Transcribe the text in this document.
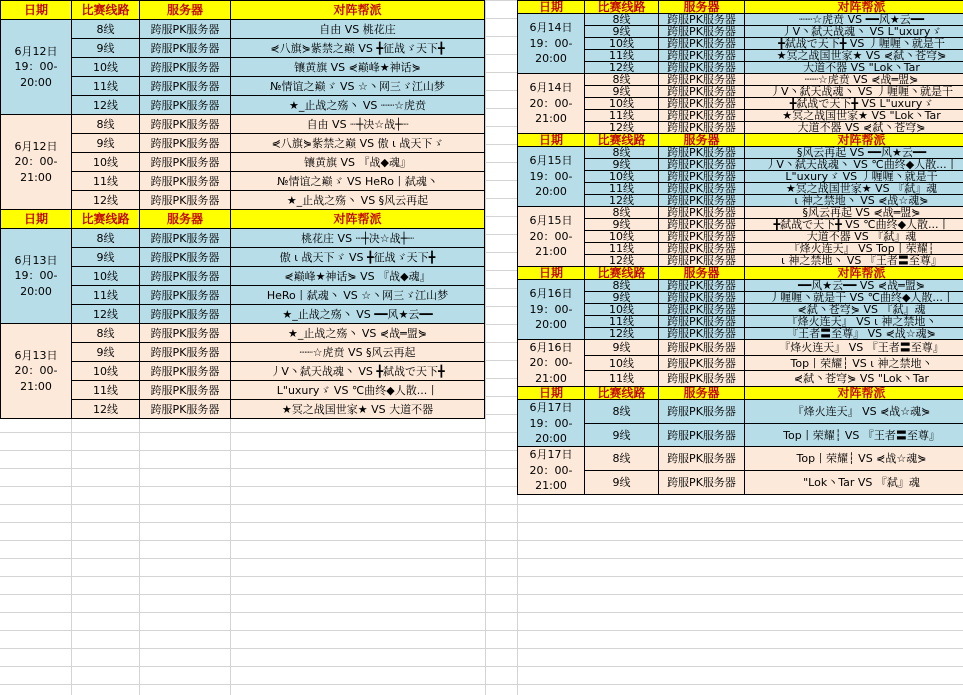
日期	比赛线路	服务器	对阵帮派
6月12日
19：00-
20:00
8线	跨服PK服务器	自由 VS 桃花庄
9线	跨服PK服务器	⋞八旗⋟紫禁之巅 VS ╋征战ゞ天下╋
10线	跨服PK服务器	镶黄旗 VS ⋞巅峰★神话⋟
11线	跨服PK服务器	№情谊之巅ゞ VS ☆丶网三ゞ江山梦
12线	跨服PK服务器	★_止战之殇丶 VS ┈┈☆虎贲
6月12日
20：00-
21:00
8线	跨服PK服务器	自由 VS ┈┼决☆战┼┈
9线	跨服PK服务器	⋞八旗⋟紫禁之巅 VS 傲 ι 战天下ゞ
10线	跨服PK服务器	镶黄旗 VS 『战◆魂』
11线	跨服PK服务器	№情谊之巅ゞ VS HeRo丨弑魂丶
12线	跨服PK服务器	★_止战之殇丶 VS §风云再起
日期	比赛线路	服务器	对阵帮派
6月13日
19：00-
20:00
8线	跨服PK服务器	桃花庄 VS ┈┼决☆战┼┈
9线	跨服PK服务器	傲 ι 战天下ゞ VS ╋征战ゞ天下╋
10线	跨服PK服务器	⋞巅峰★神话⋟ VS 『战◆魂』
11线	跨服PK服务器	HeRo丨弑魂丶 VS ☆丶网三ゞ江山梦
12线	跨服PK服务器	★_止战之殇丶 VS ━━风★云━━
6月13日
20：00-
21:00
8线	跨服PK服务器	★_止战之殇丶 VS ⋞战═盟⋟
9线	跨服PK服务器	┈┈☆虎贲 VS §风云再起
10线	跨服PK服务器	丿V丶弑天战魂丶 VS ╋弑战で天下╋
11线	跨服PK服务器	L"uxuryゞ VS ℃曲终◆人散...丨
12线	跨服PK服务器	★冥之战国世家★ VS 大道不器
日期	比赛线路	服务器	对阵帮派
6月14日
19：00-
20:00
8线	跨服PK服务器	┈┈☆虎贲 VS ━━风★云━━
9线	跨服PK服务器	丿V丶弑天战魂丶 VS L"uxuryゞ
10线	跨服PK服务器	╋弑战で天下╋ VS 丿喱喱丶就是干
11线	跨服PK服务器	★冥之战国世家★ VS ⋞弑丶苍穹⋟
12线	跨服PK服务器	大道不器 VS "Lok丶Tar
6月14日
20：00-
21:00
8线	跨服PK服务器	┈┈☆虎贲 VS ⋞战═盟⋟
9线	跨服PK服务器	丿V丶弑天战魂丶 VS 丿喱喱丶就是干
10线	跨服PK服务器	╋弑战で天下╋ VS L"uxuryゞ
11线	跨服PK服务器	★冥之战国世家★ VS "Lok丶Tar
12线	跨服PK服务器	大道不器 VS ⋞弑丶苍穹⋟
日期	比赛线路	服务器	对阵帮派
6月15日
19：00-
20:00
8线	跨服PK服务器	§风云再起 VS ━━风★云━━
9线	跨服PK服务器	丿V丶弑天战魂丶 VS ℃曲终◆人散...丨
10线	跨服PK服务器	L"uxuryゞ VS 丿喱喱丶就是干
11线	跨服PK服务器	★冥之战国世家★ VS 『弑』魂
12线	跨服PK服务器	ι 神之禁地丶 VS ⋞战☆魂⋟
6月15日
20：00-
21:00
8线	跨服PK服务器	§风云再起 VS ⋞战═盟⋟
9线	跨服PK服务器	╋弑战で天下╋ VS ℃曲终◆人散...丨
10线	跨服PK服务器	大道不器 VS 『弑』魂
11线	跨服PK服务器	『烽火连天』 VS Top丨荣耀┆
12线	跨服PK服务器	ι 神之禁地丶 VS 『王者〓至尊』
日期	比赛线路	服务器	对阵帮派
6月16日
19：00-
20:00
8线	跨服PK服务器	━━风★云━━ VS ⋞战═盟⋟
9线	跨服PK服务器	丿喱喱丶就是干 VS ℃曲终◆人散...丨
10线	跨服PK服务器	⋞弑丶苍穹⋟ VS 『弑』魂
11线	跨服PK服务器	『烽火连天』 VS ι 神之禁地丶
12线	跨服PK服务器	『王者〓至尊』 VS ⋞战☆魂⋟
6月16日
20：00-
21:00
9线	跨服PK服务器	『烽火连天』 VS 『王者〓至尊』
10线	跨服PK服务器	Top丨荣耀┆ VS ι 神之禁地丶
11线	跨服PK服务器	⋞弑丶苍穹⋟ VS "Lok丶Tar
日期	比赛线路	服务器	对阵帮派
6月17日
19：00-
20:00
8线	跨服PK服务器	『烽火连天』 VS ⋞战☆魂⋟
9线	跨服PK服务器	Top丨荣耀┆ VS 『王者〓至尊』
6月17日
20：00-
21:00
8线	跨服PK服务器	Top丨荣耀┆ VS ⋞战☆魂⋟
9线	跨服PK服务器	"Lok丶Tar VS 『弑』魂
